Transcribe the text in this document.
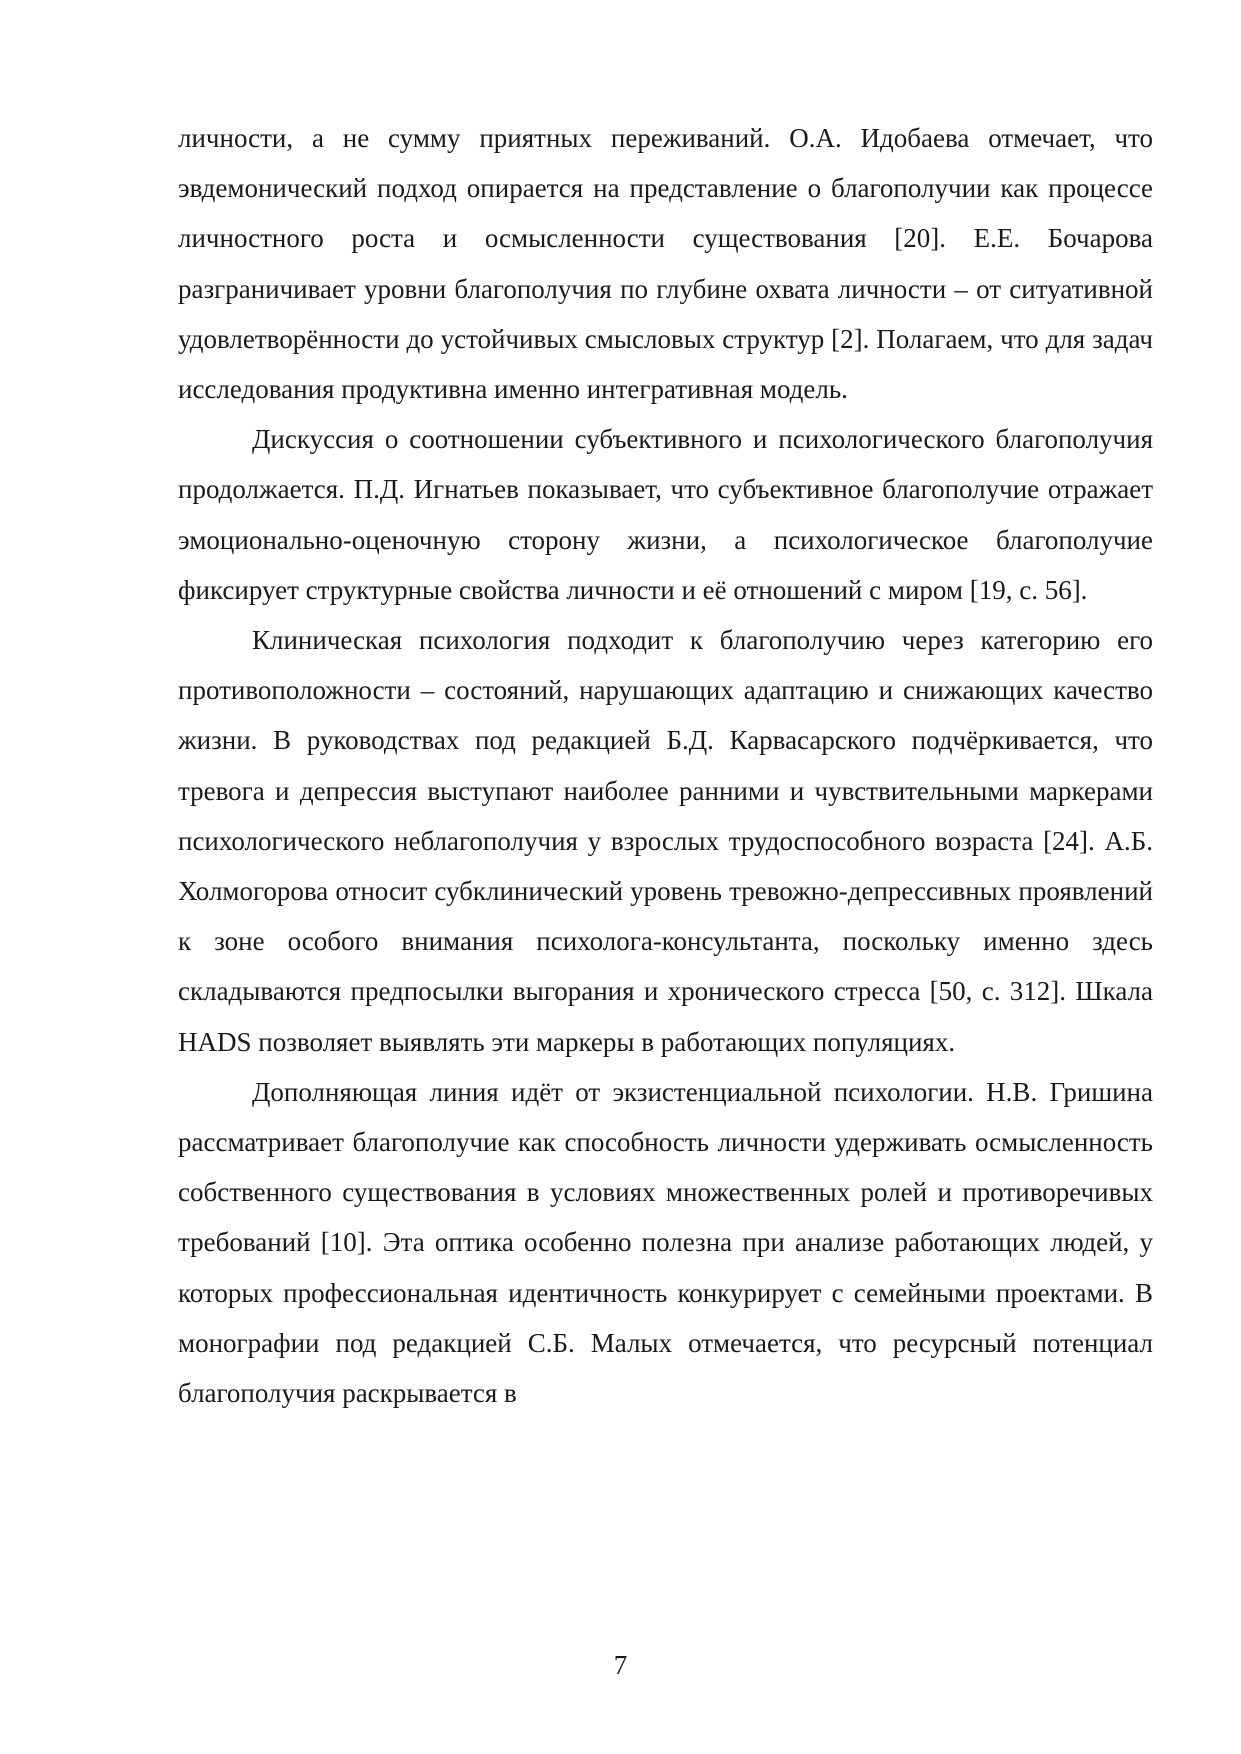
личности, а не сумму приятных переживаний. О.А. Идобаева отмечает, что эвдемонический подход опирается на представление о благополучии как процессе личностного роста и осмысленности существования [20]. Е.Е. Бочарова разграничивает уровни благополучия по глубине охвата личности – от ситуативной удовлетворённости до устойчивых смысловых структур [2]. Полагаем, что для задач исследования продуктивна именно интегративная модель.

Дискуссия о соотношении субъективного и психологического благополучия продолжается. П.Д. Игнатьев показывает, что субъективное благополучие отражает эмоционально-оценочную сторону жизни, а психологическое благополучие фиксирует структурные свойства личности и её отношений с миром [19, с. 56].

Клиническая психология подходит к благополучию через категорию его противоположности – состояний, нарушающих адаптацию и снижающих качество жизни. В руководствах под редакцией Б.Д. Карвасарского подчёркивается, что тревога и депрессия выступают наиболее ранними и чувствительными маркерами психологического неблагополучия у взрослых трудоспособного возраста [24]. А.Б. Холмогорова относит субклинический уровень тревожно-депрессивных проявлений к зоне особого внимания психолога-консультанта, поскольку именно здесь складываются предпосылки выгорания и хронического стресса [50, с. 312]. Шкала HADS позволяет выявлять эти маркеры в работающих популяциях.

Дополняющая линия идёт от экзистенциальной психологии. Н.В. Гришина рассматривает благополучие как способность личности удерживать осмысленность собственного существования в условиях множественных ролей и противоречивых требований [10]. Эта оптика особенно полезна при анализе работающих людей, у которых профессиональная идентичность конкурирует с семейными проектами. В монографии под редакцией С.Б. Малых отмечается, что ресурсный потенциал благополучия раскрывается в

7
